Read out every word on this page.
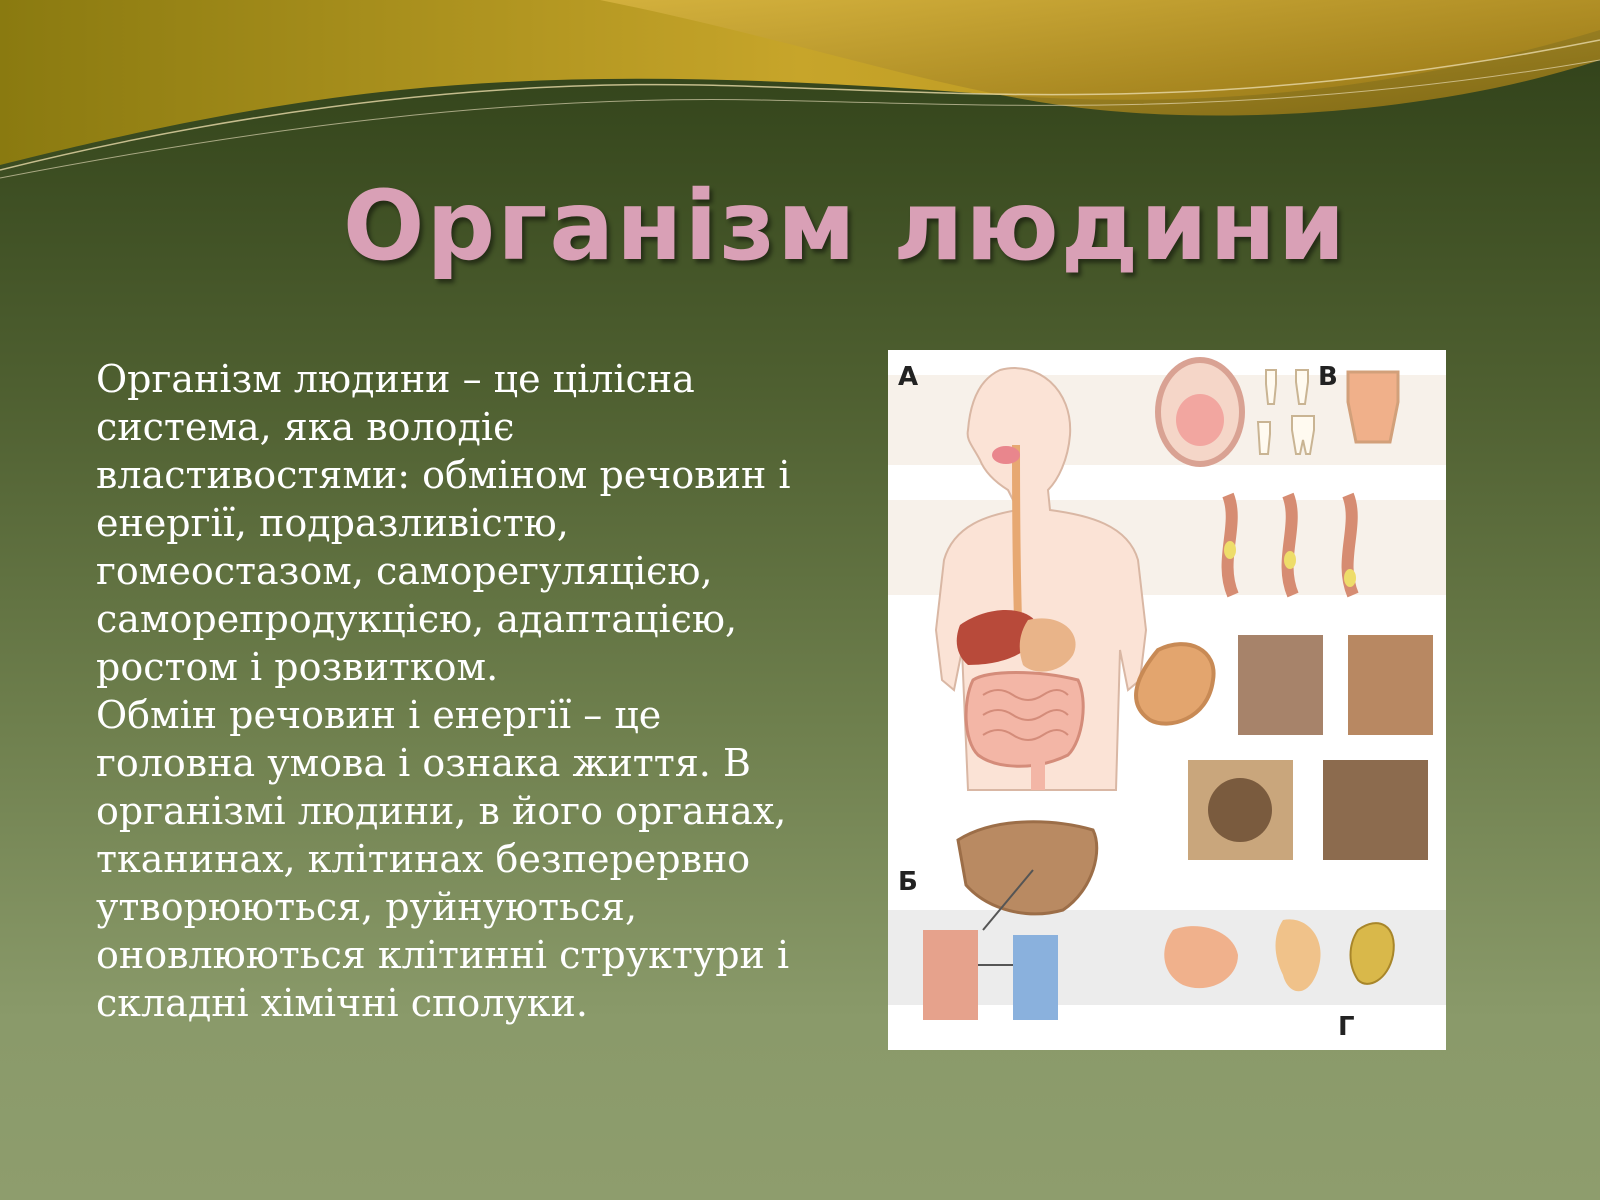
Організм людини

Організм людини – це цілісна система, яка володіє властивостями: обміном речовин і енергії, подразливістю, гомеостазом, саморегуляцією, саморепродукцією, адаптацією, ростом і розвитком.

Обмін речовин і енергії – це головна умова і ознака життя. В організмі людини, в його органах, тканинах, клітинах безперервно утворюються, руйнуються, оновлюються клітинні структури і складні хімічні сполуки.

А
Б
В
Г
